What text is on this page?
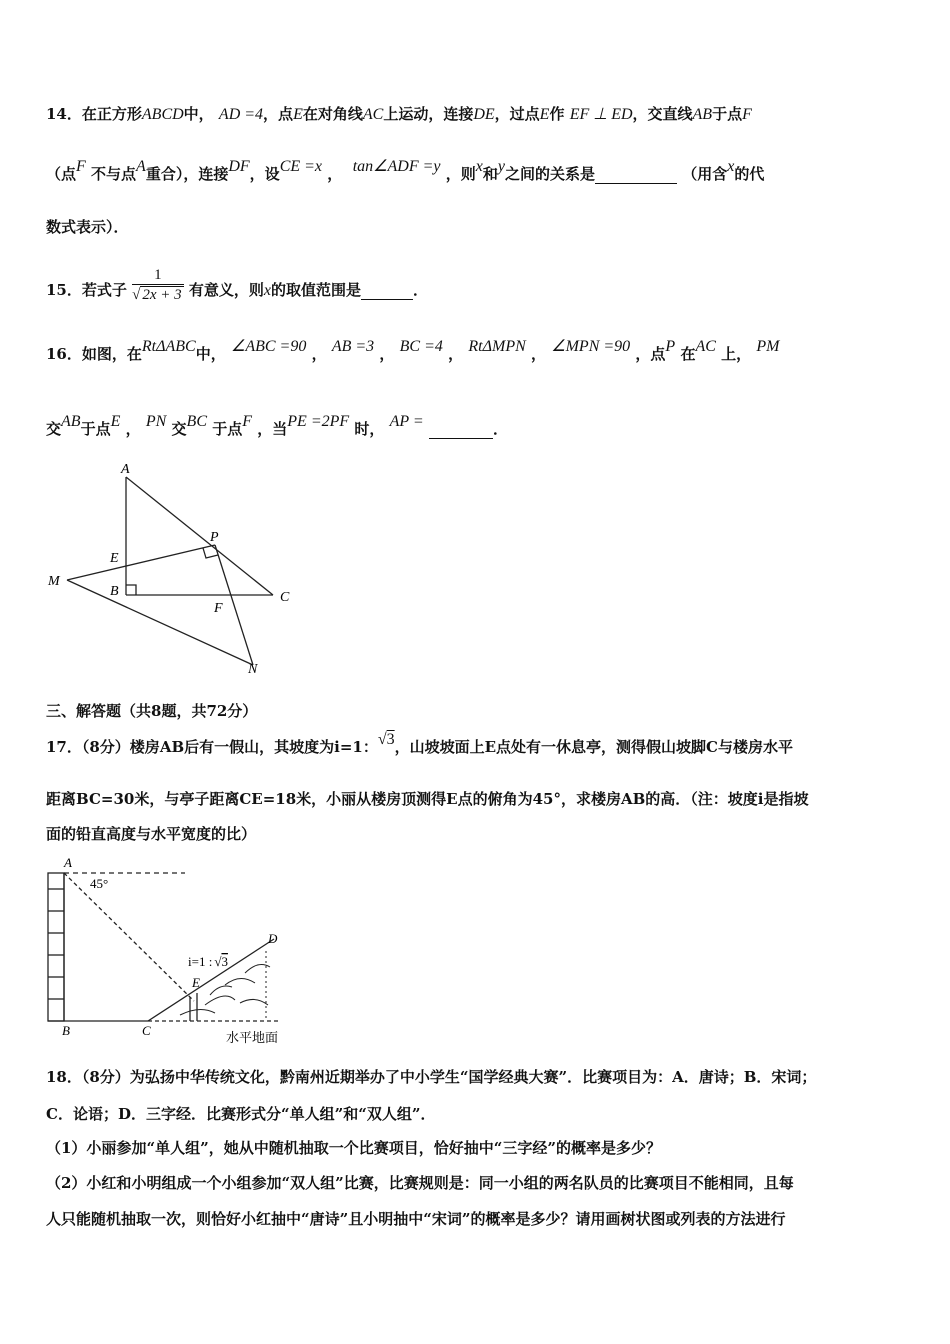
14．在正方形ABCD中， AD =4，点E在对角线AC上运动，连接DE，过点E作 EF ⊥ ED，交直线AB于点F
（点F 不与点A重合），连接DF，设CE =x ， tan∠ADF =y ，则x和y之间的关系是	（用含x的代
数式表示）．
15．若式子 $\frac{1}{√ 2x + 3}$ 有意义，则x的取值范围是	．
16．如图，在RtΔABC中， ∠ABC =90 ， AB =3 ， BC =4 ， RtΔMPN ， ∠MPN =90 ，点P 在AC 上， PM
交AB于点E ， PN 交BC 于点F ，当PE =2PF 时， AP =	．
A
P
E
B	C
M
F
N
三、解答题（共8题，共72分）
17．（8分）楼房AB后有一假山，其坡度为i=1：√3，山坡坡面上E点处有一休息亭，测得假山坡脚C与楼房水平
距离BC=30米，与亭子距离CE=18米，小丽从楼房顶测得E点的俯角为45°，求楼房AB的高．（注：坡度i是指坡
面的铅直高度与水平宽度的比）
A
45°
B	C
D
E
i=1 : √3
水平地面
18．（8分）为弘扬中华传统文化，黔南州近期举办了中小学生“国学经典大赛”．比赛项目为：A．唐诗；B．宋词；
C．论语；D．三字经．比赛形式分“单人组”和“双人组”．
（1）小丽参加“单人组”，她从中随机抽取一个比赛项目，恰好抽中“三字经”的概率是多少？
（2）小红和小明组成一个小组参加“双人组”比赛，比赛规则是：同一小组的两名队员的比赛项目不能相同，且每
人只能随机抽取一次，则恰好小红抽中“唐诗”且小明抽中“宋词”的概率是多少？请用画树状图或列表的方法进行
